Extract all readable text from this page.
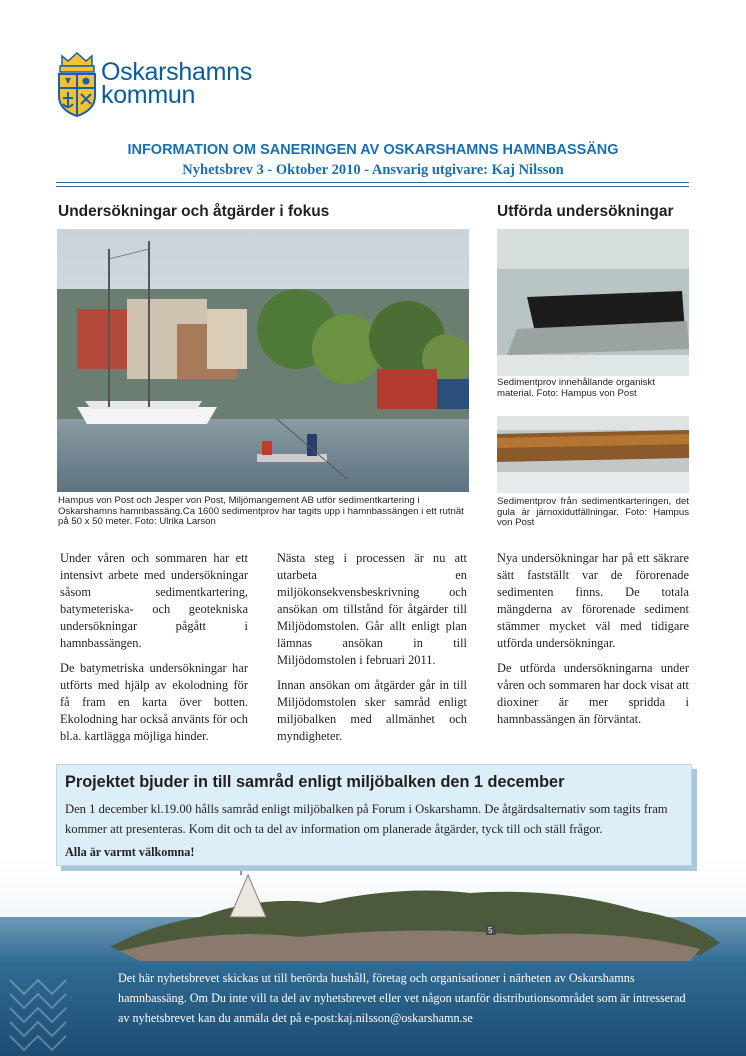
Oskarshamns
kommun
INFORMATION OM SANERINGEN AV OSKARSHAMNS HAMNBASSÄNG
Nyhetsbrev 3 - Oktober 2010 - Ansvarig utgivare: Kaj Nilsson
Undersökningar och åtgärder i fokus
Hampus von Post och Jesper von Post, Miljömangement AB utför sedimentkartering i Oskarshamns hamnbassäng.Ca 1600 sedimentprov har tagits upp i hamnbassängen i ett rutnät på 50 x 50 meter. Foto: Ulrika Larson

Under våren och sommaren har ett intensivt arbete med undersökningar såsom sedimentkartering, batymeteriska- och geotekniska undersökningar pågått i hamnbassängen.

De batymetriska undersökningar har utförts med hjälp av ekolodning för få fram en karta över botten. Ekolodning har också använts för och bl.a. kartlägga möjliga hinder.

Nästa steg i processen är nu att utarbeta en miljökonsekvensbeskrivning och ansökan om tillstånd för åtgärder till Miljödomstolen. Går allt enligt plan lämnas ansökan in till Miljödomstolen i februari 2011.

Innan ansökan om åtgärder går in till Miljödomstolen sker samråd enligt miljöbalken med allmänhet och myndigheter.

Utförda undersökningar
Sedimentprov innehållande organiskt material. Foto: Hampus von Post
Sedimentprov från sedimentkarteringen, det gula är järnoxidutfällningar. Foto: Hampus von Post

Nya undersökningar har på ett säkrare sätt fastställt var de förorenade sedimenten finns. De totala mängderna av förorenade sediment stämmer mycket väl med tidigare utförda undersökningar.

De utförda undersökningarna under våren och sommaren har dock visat att dioxiner är mer spridda i hamnbassängen än förväntat.

5
Projektet bjuder in till samråd enligt miljöbalken den 1 december
Den 1 december kl.19.00 hålls samråd enligt miljöbalken på Forum i Oskarshamn. De åtgärdsalternativ som tagits fram kommer att presenteras. Kom dit och ta del av information om planerade åtgärder, tyck till och ställ frågor.
Alla är varmt välkomna!
Det här nyhetsbrevet skickas ut till berörda hushåll, företag och organisationer i närheten av Oskarshamns hamnbassäng. Om Du inte vill ta del av nyhetsbrevet eller vet någon utanför distributionsområdet som är intresserad av nyhetsbrevet kan du anmäla det på e-post:kaj.nilsson@oskarshamn.se
